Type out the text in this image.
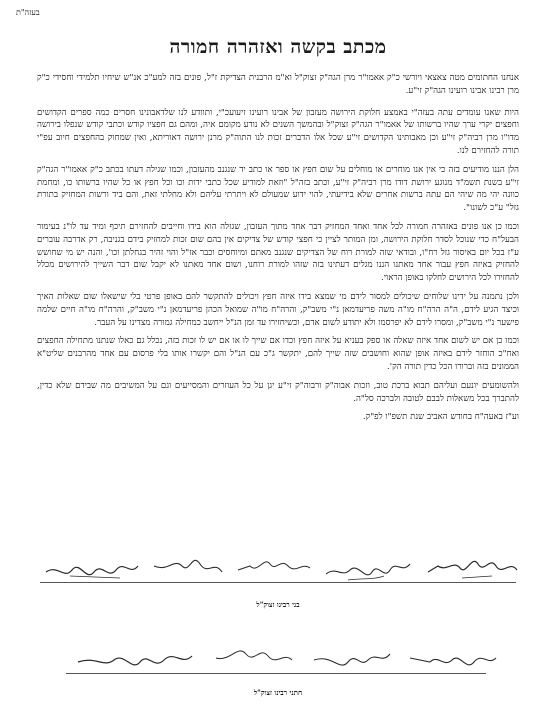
בעזה"ת
מכתב בקשה ואזהרה חמורה

אנחנו החתומים מטה צאצאי ויורשי כ"ק אאמו"ר מרן הגה"ק זצוק"ל וא"מ הרבנית הצדיקת ז"ל, פונים בזה למע"כ אנ"ש שיחיו תלמידי וחסידי כ"ק מרן רבינו אבינו רועינו הגה"ק זי"ע.

היות שאנו עומדים עתה בעזה"י באמצע חלוקת הירושה מעזבון של אבינו רועינו זיעועכ"י, ותוודע לנו שלדאבונינו חסרים כמה ספרים הקדושים וחפצים יקרי ערך שהיו ברשותו של אאמו"ר הגה"ק זצוק"ל ובהמשך השנים לא נודע מקומם איה, ומהם גם חפציו קודש וכתבי קודש שנפלו בירושה מדו"ו מרן רביה"ק זי"ע וכן מאבותינו הקדושים זי"ע שכל אלו הדברים זכות לנו התוה"ק מרנן ירושה דאוריתא, ואין שמחוק בהחפצים חיוב עפ"י תורה להחזירם לנו.

הלן הננו מודיעים בזה כי אין אנו מוחרים או מוחלים על שום חפץ או ספר או כתב יד שנגנב מהעזבון, וכמו שגילה דעתו בכתב כ"ק אאמו"ר הגה"ק זי"ע בשנת תשמ"ד מנוגע ירושת דודו מרן רביה"ק זי"ע, וכתב בזה"ל "וזאת למודיע שכל כתבי ידות וכו וכל חפץ או כל שהיו ברשותו כו, ומחמת כוונה יהי מה שיהי הם עתה ברשות אחרים שלא בידיעתי, להוי ידוע שמעולם לא ויתרתי עליהם ולא מחלתי זאת, והם ביד ורשות המחזיק בתורת גזל" ע"כ לשונו".

וכמו כן אנו פונים באזהרה חמורה לכל אחד ואחד המחזיק דבר אחד מתוך העזבון, שגזלה הוא בידו וחייבים להחזירם תיכף ומיד עד לו"נ בעימור הבעל"ח כדי שנוכל לסדר חלוקת הירושה, ומן המותר לציין כי חפצי קודש של צדיקים אין בהם שום זכות למחזיק בידם בגניבה, רק אדרבה עוברים ע"ז בכל יום באיסור גזל רח"ו, ובודאי שזה למורת רוח של הצדיקים שנגנב מאתם ומיוחסים וכבר אז"ל והוי זהיר בגחלתן וכו', והנה יש מי שחושש להחזיק באיזה חפץ עבור אחד מאתנו הננו מגלים דעתינו בזה שזהו למורת רוחנו, ושום אחד מאתנו לא יקבל שום דבר השייך להירושים מכלל להחזירו לכל הירושים לחלקו באופן הראוי.

ולכן נתמנה על ידינו שלוחים שיכולים למסור לידם מי שמצא בידו איזה חפץ ויכולים להתקשר להם באופן פרטי בלי שישאלו שום שאלות האיך וכיצד הגיע לידם, ה"ה הרה"ח מו"ה משה פריעדמאן נ"י משב"ק, והרה"ח מו"ה שמואל הכהן פריעדמאן נ"י משב"ק, והרה"ח מו"ה חיים שלמה פישער נ"י משב"ק, ומסרו לידם לא יפרסמו ולא יתודע לשום אדם, וכשיחזירו עד זמן הנ"ל ייחשב כמחילה גמורה מצדינו על העבר.

וכמו כן אם יש לשום אחד איזה שאלה או ספק בעניא על איזה חפץ וכדו אם שייך לו או אם יש לו זכות בזה, נכלל גם כאלו שנתנו מתחילה החפצים ואח"כ הוחזר לידם באיזה אופן שהוא וחושבים שזה שייך להם, יתקשר ג"כ עם הנ"ל והם יקשרו אותו בלי פרסום עם אחד מהרבנים שליט"א הממונים בזה וברורו הכל כדין תורה הק'.

ולהשומעים יונעם ועליהם תבוא ברכת טוב, וזכות אבוה"ק ורבוה"ק זי"ע יגן על כל העוזרים והמסייעים וגם על המשיבים מה שבידם שלא כדין, להתברך בכל משאלות לבבם לטובה ולברכה סל"ה.

וע"ז באעה"ח בחודש האביב שנת תשפ"ו לפ"ק.

בני רבינו זצוק"ל
חתני רבינו זצוק"ל
